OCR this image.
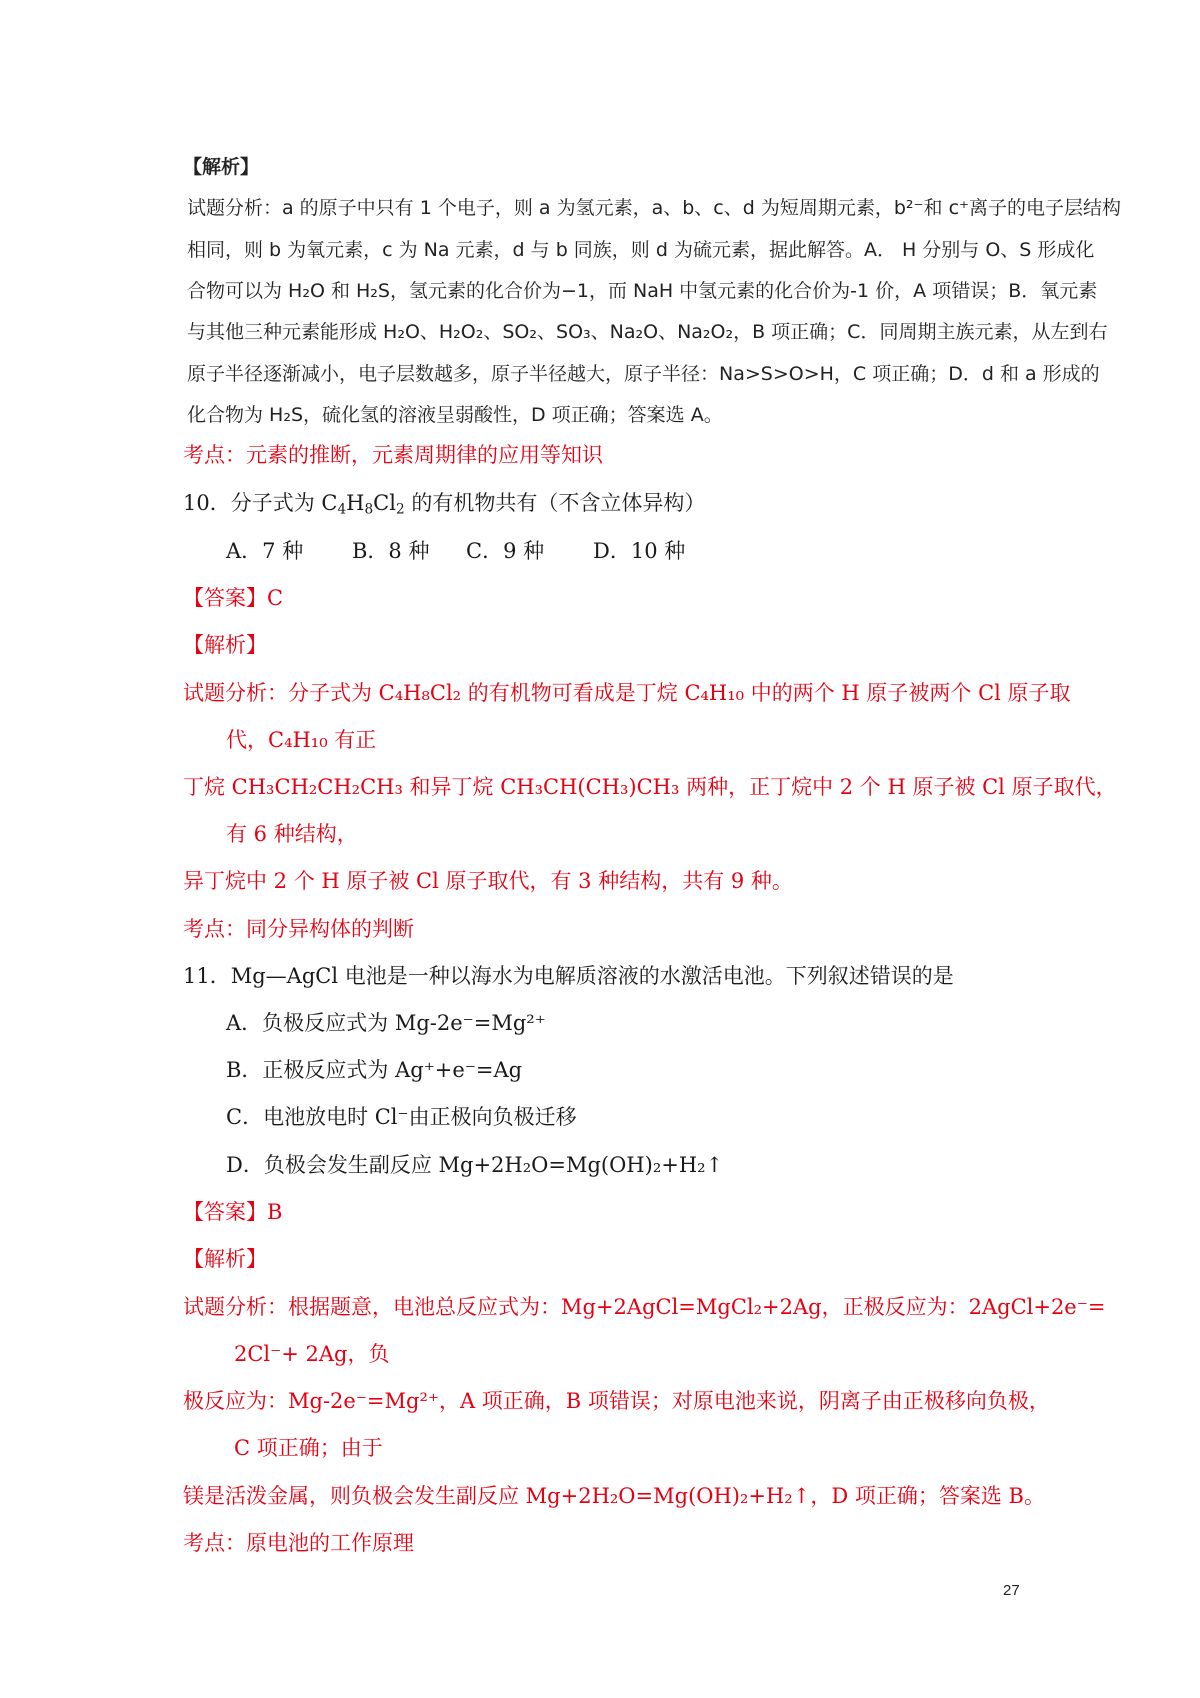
【解析】
试题分析：a 的原子中只有 1 个电子，则 a 为氢元素，a、b、c、d 为短周期元素，b²⁻和 c⁺离子的电子层结构
相同，则 b 为氧元素，c 为 Na 元素，d 与 b 同族，则 d 为硫元素，据此解答。A． H 分别与 O、S 形成化
合物可以为 H₂O 和 H₂S，氢元素的化合价为−1，而 NaH 中氢元素的化合价为-1 价，A 项错误；B．氧元素
与其他三种元素能形成 H₂O、H₂O₂、SO₂、SO₃、Na₂O、Na₂O₂，B 项正确；C．同周期主族元素，从左到右
原子半径逐渐减小，电子层数越多，原子半径越大，原子半径：Na>S>O>H，C 项正确；D．d 和 a 形成的
化合物为 H₂S，硫化氢的溶液呈弱酸性，D 项正确；答案选 A。
考点：元素的推断，元素周期律的应用等知识
10．分子式为 $C_4H_8Cl_2$ 的有机物共有（不含立体异构）
A．7 种 B．8 种 C．9 种 D．10 种
【答案】C
【解析】
试题分析：分子式为 C₄H₈Cl₂ 的有机物可看成是丁烷 C₄H₁₀ 中的两个 H 原子被两个 Cl 原子取
代，C₄H₁₀ 有正
丁烷 CH₃CH₂CH₂CH₃ 和异丁烷 CH₃CH(CH₃)CH₃ 两种，正丁烷中 2 个 H 原子被 Cl 原子取代，
有 6 种结构，
异丁烷中 2 个 H 原子被 Cl 原子取代，有 3 种结构，共有 9 种。
考点：同分异构体的判断
11．Mg—AgCl 电池是一种以海水为电解质溶液的水激活电池。下列叙述错误的是
A．负极反应式为 Mg-2e⁻=Mg²⁺
B．正极反应式为 Ag⁺+e⁻=Ag
C．电池放电时 Cl⁻由正极向负极迁移
D．负极会发生副反应 Mg+2H₂O=Mg(OH)₂+H₂↑
【答案】B
【解析】
试题分析：根据题意，电池总反应式为：Mg+2AgCl=MgCl₂+2Ag，正极反应为：2AgCl+2e⁻=
2Cl⁻+ 2Ag，负
极反应为：Mg-2e⁻=Mg²⁺，A 项正确，B 项错误；对原电池来说，阴离子由正极移向负极，
C 项正确；由于
镁是活泼金属，则负极会发生副反应 Mg+2H₂O=Mg(OH)₂+H₂↑，D 项正确；答案选 B。
考点：原电池的工作原理
27
